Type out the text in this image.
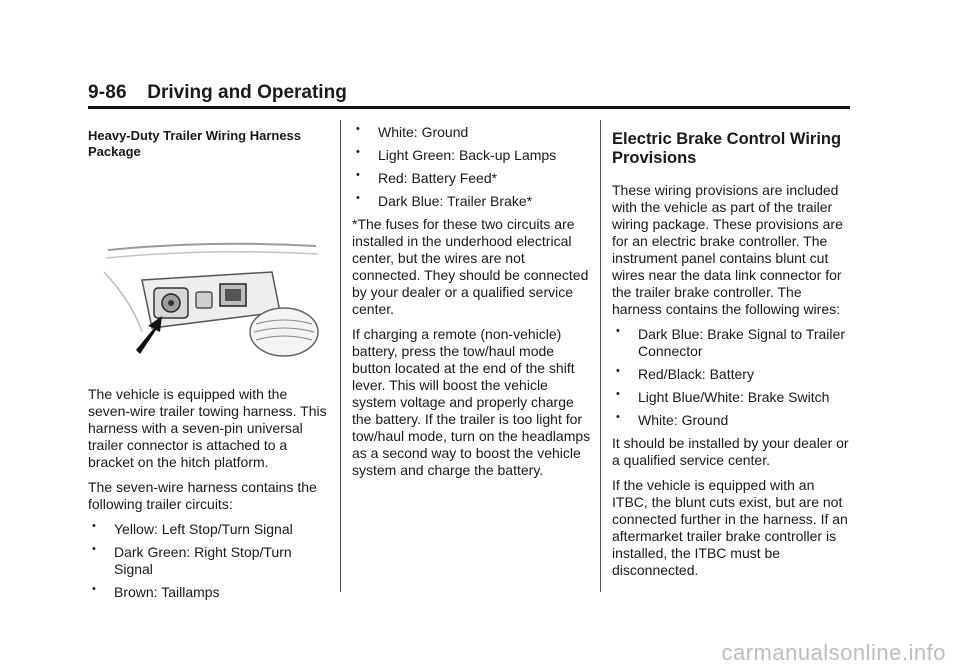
9-86 Driving and Operating
Heavy-Duty Trailer Wiring Harness Package

The vehicle is equipped with the seven-wire trailer towing harness. This harness with a seven-pin universal trailer connector is attached to a bracket on the hitch platform.

The seven-wire harness contains the following trailer circuits:

• Yellow: Left Stop/Turn Signal
• Dark Green: Right Stop/Turn Signal
• Brown: Taillamps
• White: Ground
• Light Green: Back-up Lamps
• Red: Battery Feed*
• Dark Blue: Trailer Brake*

*The fuses for these two circuits are installed in the underhood electrical center, but the wires are not connected. They should be connected by your dealer or a qualified service center.

If charging a remote (non-vehicle) battery, press the tow/haul mode button located at the end of the shift lever. This will boost the vehicle system voltage and properly charge the battery. If the trailer is too light for tow/haul mode, turn on the headlamps as a second way to boost the vehicle system and charge the battery.

Electric Brake Control Wiring Provisions

These wiring provisions are included with the vehicle as part of the trailer wiring package. These provisions are for an electric brake controller. The instrument panel contains blunt cut wires near the data link connector for the trailer brake controller. The harness contains the following wires:

• Dark Blue: Brake Signal to Trailer Connector
• Red/Black: Battery
• Light Blue/White: Brake Switch
• White: Ground

It should be installed by your dealer or a qualified service center.

If the vehicle is equipped with an ITBC, the blunt cuts exist, but are not connected further in the harness. If an aftermarket trailer brake controller is installed, the ITBC must be disconnected.

carmanualsonline.info
